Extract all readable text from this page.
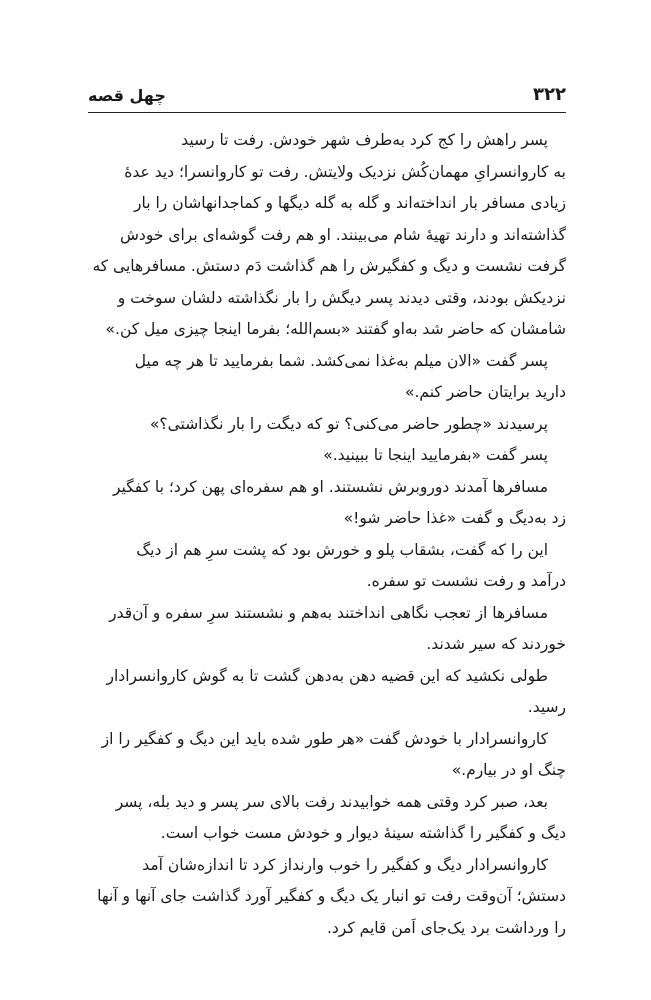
۳۲۲
چهل قصه
پسر راهش را کج کرد به‌طرف شهر خودش. رفت تا رسید
به کاروانسرایِ مهمان‌کُش نزدیک ولایتش. رفت تو کاروانسرا؛ دید عدهٔ
زیادی مسافر بار انداخته‌اند و گله به گله دیگها و کماجدانهاشان را بار
گذاشته‌اند و دارند تهیهٔ شام می‌بینند. او هم رفت گوشه‌ای برای خودش
گرفت نشست و دیگ و کفگیرش را هم گذاشت دَم دستش. مسافرهایی که
نزدیکش بودند، وقتی دیدند پسر دیگش را بار نگذاشته دلشان سوخت و
شامشان که حاضر شد به‌او گفتند «بسم‌الله؛ بفرما اینجا چیزی میل کن.»
پسر گفت «الان میلم به‌غذا نمی‌کشد. شما بفرمایید تا هر چه میل
دارید برایتان حاضر کنم.»
پرسیدند «چطور حاضر می‌کنی؟ تو که دیگت را بار نگذاشتی؟»
پسر گفت «بفرمایید اینجا تا ببینید.»
مسافرها آمدند دوروبرش نشستند. او هم سفره‌ای پهن کرد؛ با کفگیر
زد به‌دیگ و گفت «غذا حاضر شو!»
این را که گفت، بشقاب پلو و خورش بود که پشت سرِ هم از دیگ
درآمد و رفت نشست تو سفره.
مسافرها از تعجب نگاهی انداختند به‌هم و نشستند سرِ سفره و آن‌قدر
خوردند که سیر شدند.
طولی نکشید که این قضیه دهن به‌دهن گشت تا به گوش کاروانسرادار
رسید.
کاروانسرادار با خودش گفت «هر طور شده باید این دیگ و کفگیر را از
چنگ او در بیارم.»
بعد، صبر کرد وقتی همه خوابیدند رفت بالای سر پسر و دید بله، پسر
دیگ و کفگیر را گذاشته سینهٔ دیوار و خودش مست خواب است.
کاروانسرادار دیگ و کفگیر را خوب وارنداز کرد تا اندازه‌شان آمد
دستش؛ آن‌وقت رفت تو انبار یک دیگ و کفگیر آورد گذاشت جای آنها و آنها
را ورداشت برد یک‌جای اَمن قایم کرد.
